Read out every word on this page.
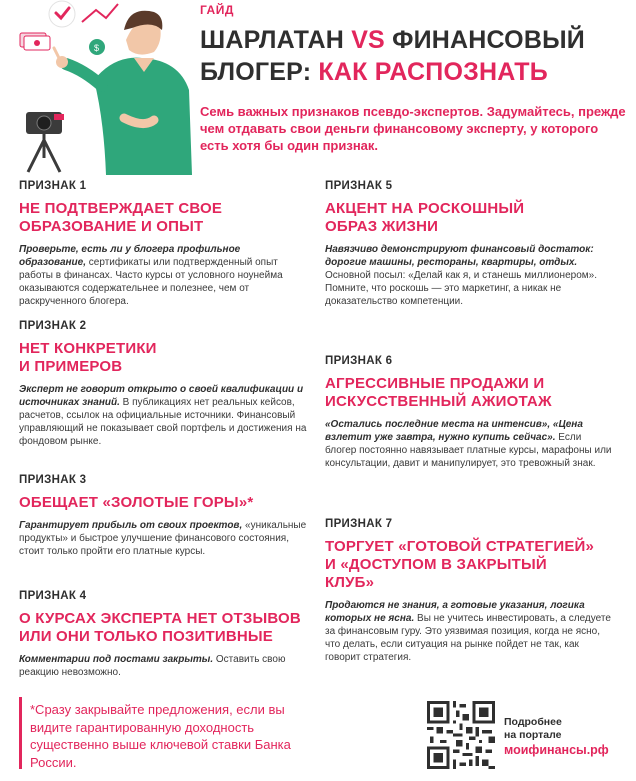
$
ГАЙД
ШАРЛАТАН VS ФИНАНСОВЫЙ
БЛОГЕР: КАК РАСПОЗНАТЬ
Семь важных признаков псевдо-экспертов. Задумайтесь, прежде чем отдавать свои деньги финансовому эксперту, у которого есть хотя бы один признак.
ПРИЗНАК 1
НЕ ПОДТВЕРЖДАЕТ СВОЕ
ОБРАЗОВАНИЕ И ОПЫТ
Проверьте, есть ли у блогера профильное образование, сертификаты или подтвержденный опыт работы в финансах. Часто курсы от условного ноунейма оказываются содержательнее и полезнее, чем от раскрученного блогера.
ПРИЗНАК 2
НЕТ КОНКРЕТИКИ
И ПРИМЕРОВ
Эксперт не говорит открыто о своей квалификации и источниках знаний. В публикациях нет реальных кейсов, расчетов, ссылок на официальные источники. Финансовый управляющий не показывает свой портфель и достижения на фондовом рынке.
ПРИЗНАК 3
ОБЕЩАЕТ «ЗОЛОТЫЕ ГОРЫ»*
Гарантирует прибыль от своих проектов, «уникальные продукты» и быстрое улучшение финансового состояния, стоит только пройти его платные курсы.
ПРИЗНАК 4
О КУРСАХ ЭКСПЕРТА НЕТ ОТЗЫВОВ
ИЛИ ОНИ ТОЛЬКО ПОЗИТИВНЫЕ
Комментарии под постами закрыты. Оставить свою реакцию невозможно.
ПРИЗНАК 5
АКЦЕНТ НА РОСКОШНЫЙ
ОБРАЗ ЖИЗНИ
Навязчиво демонстрируют финансовый достаток: дорогие машины, рестораны, квартиры, отдых. Основной посыл: «Делай как я, и станешь миллионером». Помните, что роскошь — это маркетинг, а никак не доказательство компетенции.
ПРИЗНАК 6
АГРЕССИВНЫЕ ПРОДАЖИ И
ИСКУССТВЕННЫЙ АЖИОТАЖ
«Остались последние места на интенсив», «Цена взлетит уже завтра, нужно купить сейчас». Если блогер постоянно навязывает платные курсы, марафоны или консультации, давит и манипулирует, это тревожный знак.
ПРИЗНАК 7
ТОРГУЕТ «ГОТОВОЙ СТРАТЕГИЕЙ»
И «ДОСТУПОМ В ЗАКРЫТЫЙ
КЛУБ»
Продаются не знания, а готовые указания, логика которых не ясна. Вы не учитесь инвестировать, а следуете за финансовым гуру. Это уязвимая позиция, когда не ясно, что делать, если ситуация на рынке пойдет не так, как говорит стратегия.
*Сразу закрывайте предложения, если вы видите гарантированную доходность существенно выше ключевой ставки Банка России.
Подробнее
на портале
моифинансы.рф
